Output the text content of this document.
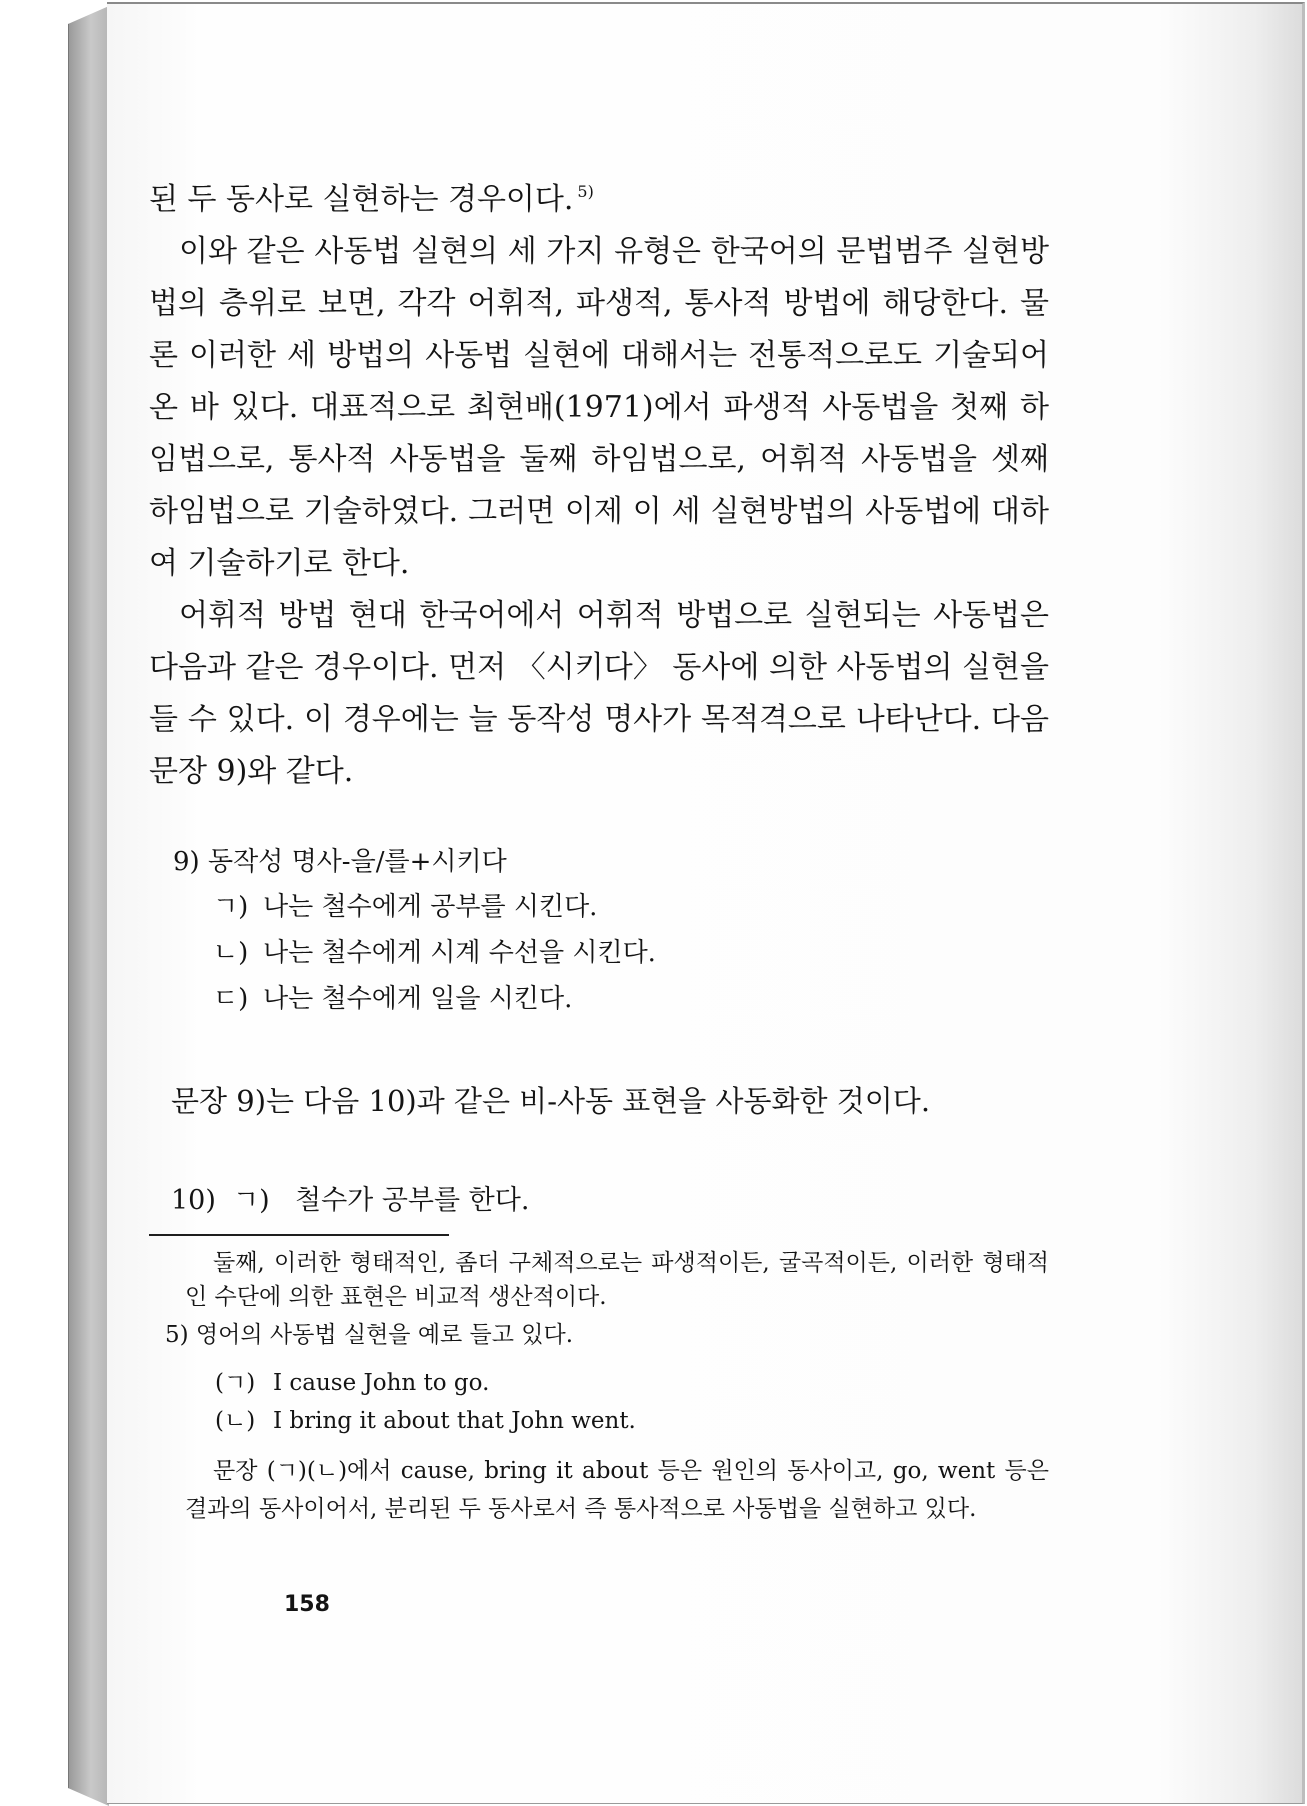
된 두 동사로 실현하는 경우이다. $^{5)}$

이와 같은 사동법 실현의 세 가지 유형은 한국어의 문법범주 실현방법의 층위로 보면, 각각 어휘적, 파생적, 통사적 방법에 해당한다. 물론 이러한 세 방법의 사동법 실현에 대해서는 전통적으로도 기술되어 온 바 있다. 대표적으로 최현배(1971)에서 파생적 사동법을 첫째 하임법으로, 통사적 사동법을 둘째 하임법으로, 어휘적 사동법을 셋째 하임법으로 기술하였다. 그러면 이제 이 세 실현방법의 사동법에 대하여 기술하기로 한다.

어휘적 방법 현대 한국어에서 어휘적 방법으로 실현되는 사동법은 다음과 같은 경우이다. 먼저 〈시키다〉 동사에 의한 사동법의 실현을 들 수 있다. 이 경우에는 늘 동작성 명사가 목적격으로 나타난다. 다음 문장 9)와 같다.

9) 동작성 명사-을/를+시키다

ㄱ) 나는 철수에게 공부를 시킨다.

ㄴ) 나는 철수에게 시계 수선을 시킨다.

ㄷ) 나는 철수에게 일을 시킨다.

문장 9)는 다음 10)과 같은 비-사동 표현을 사동화한 것이다.

10) ㄱ) 철수가 공부를 한다.

둘째, 이러한 형태적인, 좀더 구체적으로는 파생적이든, 굴곡적이든, 이러한 형태적인 수단에 의한 표현은 비교적 생산적이다.

5) 영어의 사동법 실현을 예로 들고 있다.

(ㄱ) I cause John to go.

(ㄴ) I bring it about that John went.

문장 (ㄱ)(ㄴ)에서 cause, bring it about 등은 원인의 동사이고, go, went 등은 결과의 동사이어서, 분리된 두 동사로서 즉 통사적으로 사동법을 실현하고 있다.

158
